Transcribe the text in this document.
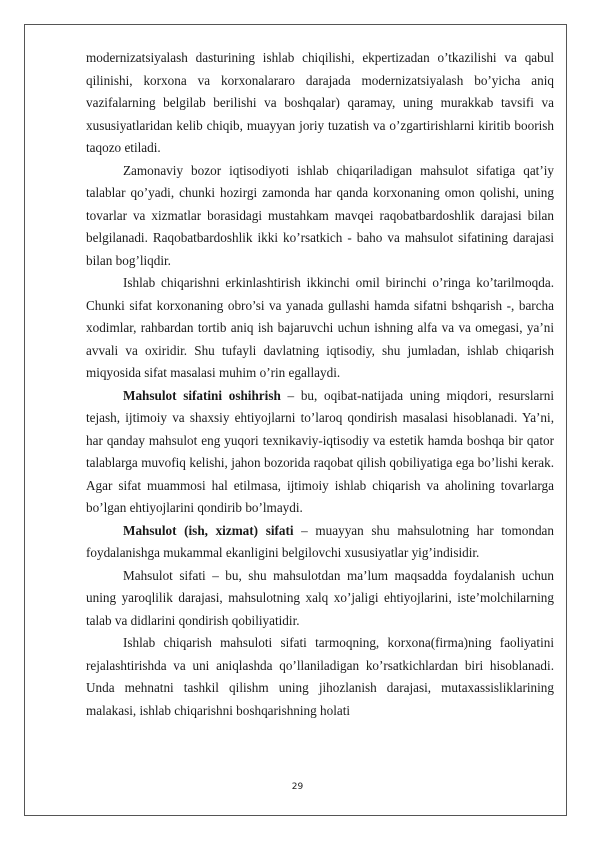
modernizatsiyalash dasturining ishlab chiqilishi, ekpertizadan o’tkazilishi va qabul qilinishi, korxona va korxonalararo darajada modernizatsiyalash bo’yicha aniq vazifalarning belgilab berilishi va boshqalar) qaramay, uning murakkab tavsifi va xususiyatlaridan kelib chiqib, muayyan joriy tuzatish va o’zgartirishlarni kiritib boorish taqozo etiladi.

Zamonaviy bozor iqtisodiyoti ishlab chiqariladigan mahsulot sifatiga qat’iy talablar qo’yadi, chunki hozirgi zamonda har qanda korxonaning omon qolishi, uning tovarlar va xizmatlar borasidagi mustahkam mavqei raqobatbardoshlik darajasi bilan belgilanadi. Raqobatbardoshlik ikki ko’rsatkich - baho va mahsulot sifatining darajasi bilan bog’liqdir.

Ishlab chiqarishni erkinlashtirish ikkinchi omil birinchi o’ringa ko’tarilmoqda. Chunki sifat korxonaning obro’si va yanada gullashi hamda sifatni bshqarish -, barcha xodimlar, rahbardan tortib aniq ish bajaruvchi uchun ishning alfa va va omegasi, ya’ni avvali va oxiridir. Shu tufayli davlatning iqtisodiy, shu jumladan, ishlab chiqarish miqyosida sifat masalasi muhim o’rin egallaydi.

Mahsulot sifatini oshihrish – bu, oqibat-natijada uning miqdori, resurslarni tejash, ijtimoiy va shaxsiy ehtiyojlarni to’laroq qondirish masalasi hisoblanadi. Ya’ni, har qanday mahsulot eng yuqori texnikaviy-iqtisodiy va estetik hamda boshqa bir qator talablarga muvofiq kelishi, jahon bozorida raqobat qilish qobiliyatiga ega bo’lishi kerak. Agar sifat muammosi hal etilmasa, ijtimoiy ishlab chiqarish va aholining tovarlarga bo’lgan ehtiyojlarini qondirib bo’lmaydi.

Mahsulot (ish, xizmat) sifati – muayyan shu mahsulotning har tomondan foydalanishga mukammal ekanligini belgilovchi xususiyatlar yig’indisidir.

Mahsulot sifati – bu, shu mahsulotdan ma’lum maqsadda foydalanish uchun uning yaroqlilik darajasi, mahsulotning xalq xo’jaligi ehtiyojlarini, iste’molchilarning talab va didlarini qondirish qobiliyatidir.

Ishlab chiqarish mahsuloti sifati tarmoqning, korxona(firma)ning faoliyatini rejalashtirishda va uni aniqlashda qo’llaniladigan ko’rsatkichlardan biri hisoblanadi. Unda mehnatni tashkil qilishm uning jihozlanish darajasi, mutaxassisliklarining malakasi, ishlab chiqarishni boshqarishning holati

29
